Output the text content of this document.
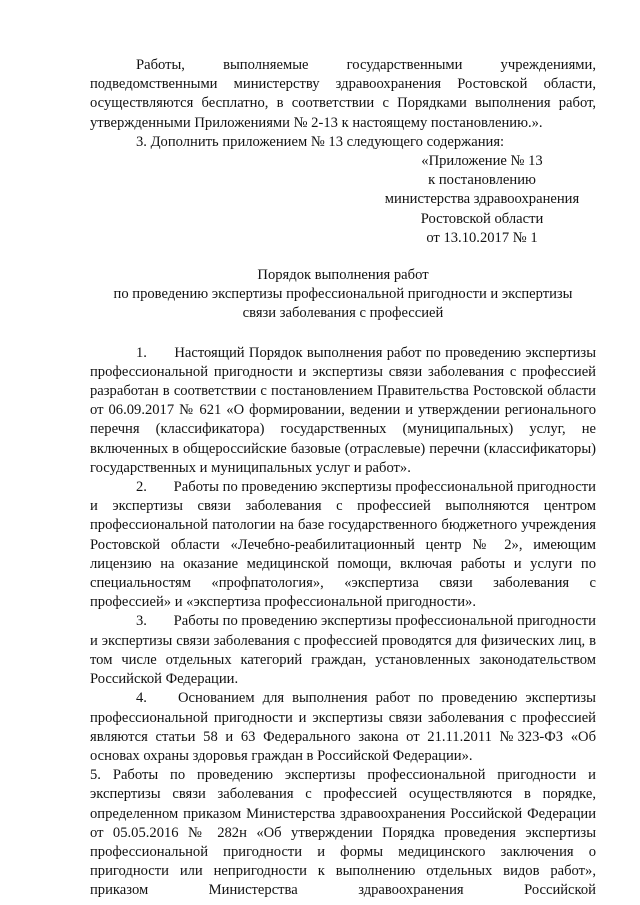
Работы, выполняемые государственными учреждениями, подведомственными министерству здравоохранения Ростовской области, осуществляются бесплатно, в соответствии с Порядками выполнения работ, утвержденными Приложениями № 2-13 к настоящему постановлению.».

3. Дополнить приложением № 13 следующего содержания:

«Приложение № 13
к постановлению
министерства здравоохранения
Ростовской области
от 13.10.2017 № 1
Порядок выполнения работ
по проведению экспертизы профессиональной пригодности и экспертизы
связи заболевания с профессией

1. Настоящий Порядок выполнения работ по проведению экспертизы профессиональной пригодности и экспертизы связи заболевания с профессией разработан в соответствии с постановлением Правительства Ростовской области от 06.09.2017 № 621 «О формировании, ведении и утверждении регионального перечня (классификатора) государственных (муниципальных) услуг, не включенных в общероссийские базовые (отраслевые) перечни (классификаторы) государственных и муниципальных услуг и работ».

2. Работы по проведению экспертизы профессиональной пригодности и экспертизы связи заболевания с профессией выполняются центром профессиональной патологии на базе государственного бюджетного учреждения Ростовской области «Лечебно-реабилитационный центр № 2», имеющим лицензию на оказание медицинской помощи, включая работы и услуги по специальностям «профпатология», «экспертиза связи заболевания с профессией» и «экспертиза профессиональной пригодности».

3. Работы по проведению экспертизы профессиональной пригодности и экспертизы связи заболевания с профессией проводятся для физических лиц, в том числе отдельных категорий граждан, установленных законодательством Российской Федерации.

4. Основанием для выполнения работ по проведению экспертизы профессиональной пригодности и экспертизы связи заболевания с профессией являются статьи 58 и 63 Федерального закона от 21.11.2011 №323-ФЗ «Об основах охраны здоровья граждан в Российской Федерации».

5. Работы по проведению экспертизы профессиональной пригодности и экспертизы связи заболевания с профессией осуществляются в порядке, определенном приказом Министерства здравоохранения Российской Федерации от 05.05.2016 № 282н «Об утверждении Порядка проведения экспертизы профессиональной пригодности и формы медицинского заключения о пригодности или непригодности к выполнению отдельных видов работ», приказом Министерства здравоохранения Российской
